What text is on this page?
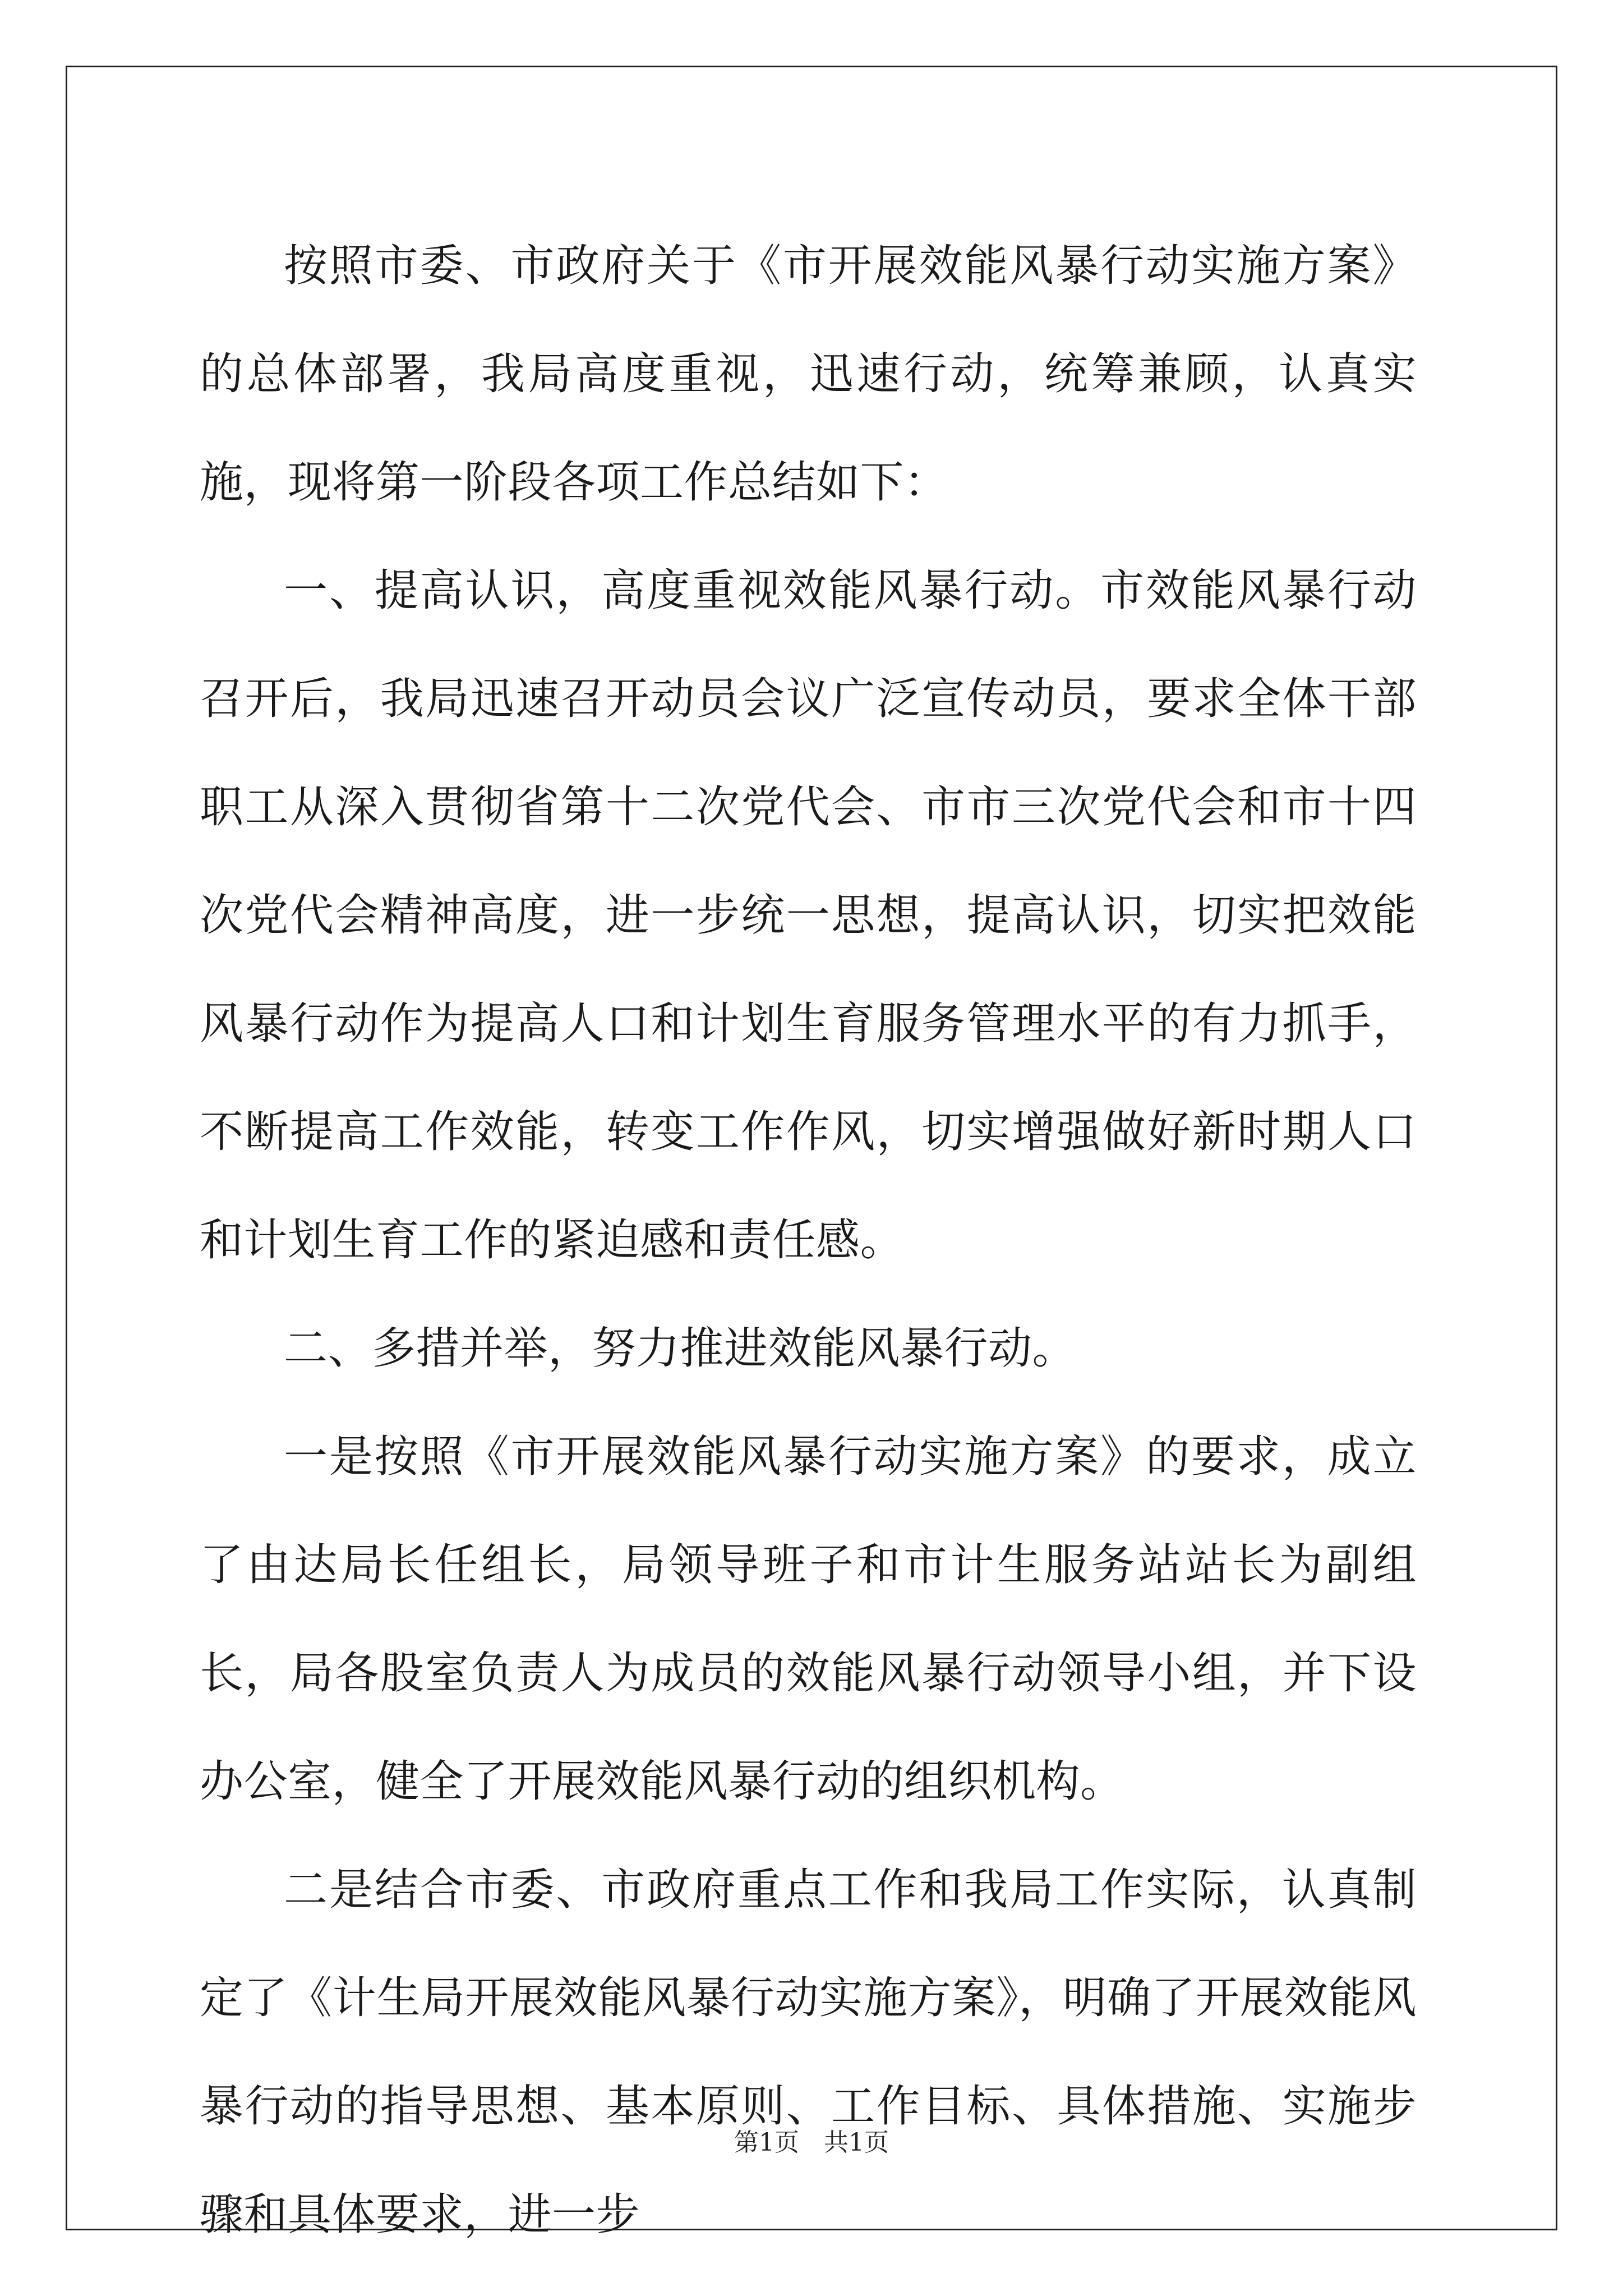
按照市委、市政府关于《市开展效能风暴行动实施方案》的总体部署，我局高度重视，迅速行动，统筹兼顾，认真实施，现将第一阶段各项工作总结如下：

一、提高认识，高度重视效能风暴行动。市效能风暴行动召开后，我局迅速召开动员会议广泛宣传动员，要求全体干部职工从深入贯彻省第十二次党代会、市市三次党代会和市十四次党代会精神高度，进一步统一思想，提高认识，切实把效能风暴行动作为提高人口和计划生育服务管理水平的有力抓手，不断提高工作效能，转变工作作风，切实增强做好新时期人口和计划生育工作的紧迫感和责任感。

二、多措并举，努力推进效能风暴行动。

一是按照《市开展效能风暴行动实施方案》的要求，成立了由达局长任组长，局领导班子和市计生服务站站长为副组长，局各股室负责人为成员的效能风暴行动领导小组，并下设办公室，健全了开展效能风暴行动的组织机构。

二是结合市委、市政府重点工作和我局工作实际，认真制定了《计生局开展效能风暴行动实施方案》，明确了开展效能风暴行动的指导思想、基本原则、工作目标、具体措施、实施步骤和具体要求，进一步

第1页　共1页
